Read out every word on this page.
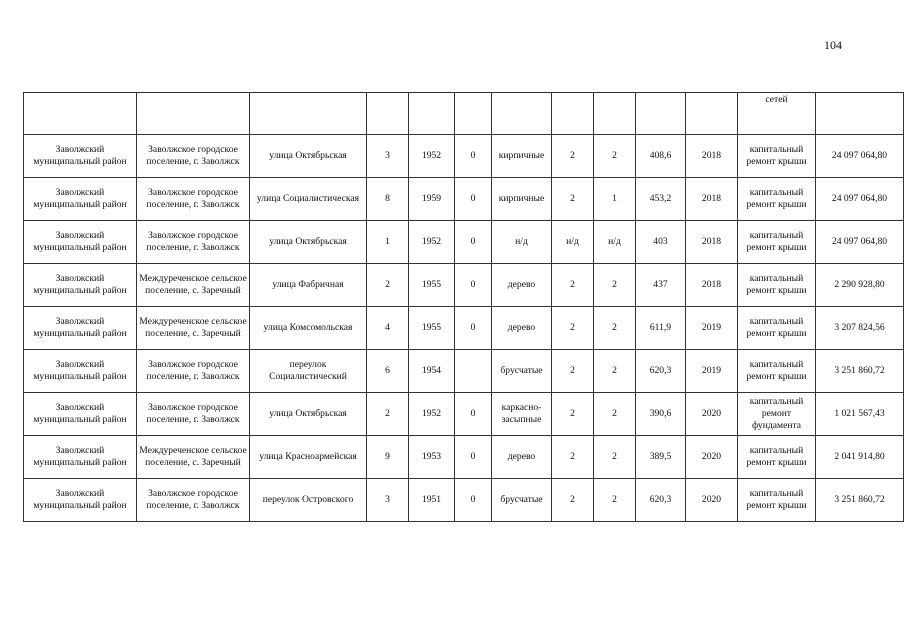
104
											сетей	
Заволжский муниципальный район	Заволжское городское поселение, г. Заволжск	улица Октябрьская	3	1952	0	кирпичные	2	2	408,6	2018	капитальный ремонт крыши	24 097 064,80
Заволжский муниципальный район	Заволжское городское поселение, г. Заволжск	улица Социалистическая	8	1959	0	кирпичные	2	1	453,2	2018	капитальный ремонт крыши	24 097 064,80
Заволжский муниципальный район	Заволжское городское поселение, г. Заволжск	улица Октябрьская	1	1952	0	н/д	н/д	н/д	403	2018	капитальный ремонт крыши	24 097 064,80
Заволжский муниципальный район	Междуреченское сельское поселение, с. Заречный	улица Фабричная	2	1955	0	дерево	2	2	437	2018	капитальный ремонт крыши	2 290 928,80
Заволжский муниципальный район	Междуреченское сельское поселение, с. Заречный	улица Комсомольская	4	1955	0	дерево	2	2	611,9	2019	капитальный ремонт крыши	3 207 824,56
Заволжский муниципальный район	Заволжское городское поселение, г. Заволжск	переулок Социалистический	6	1954		брусчатые	2	2	620,3	2019	капитальный ремонт крыши	3 251 860,72
Заволжский муниципальный район	Заволжское городское поселение, г. Заволжск	улица Октябрьская	2	1952	0	каркасно-засыпные	2	2	390,6	2020	капитальный ремонт фундамента	1 021 567,43
Заволжский муниципальный район	Междуреченское сельское поселение, с. Заречный	улица Красноармейская	9	1953	0	дерево	2	2	389,5	2020	капитальный ремонт крыши	2 041 914,80
Заволжский муниципальный район	Заволжское городское поселение, г. Заволжск	переулок Островского	3	1951	0	брусчатые	2	2	620,3	2020	капитальный ремонт крыши	3 251 860,72
